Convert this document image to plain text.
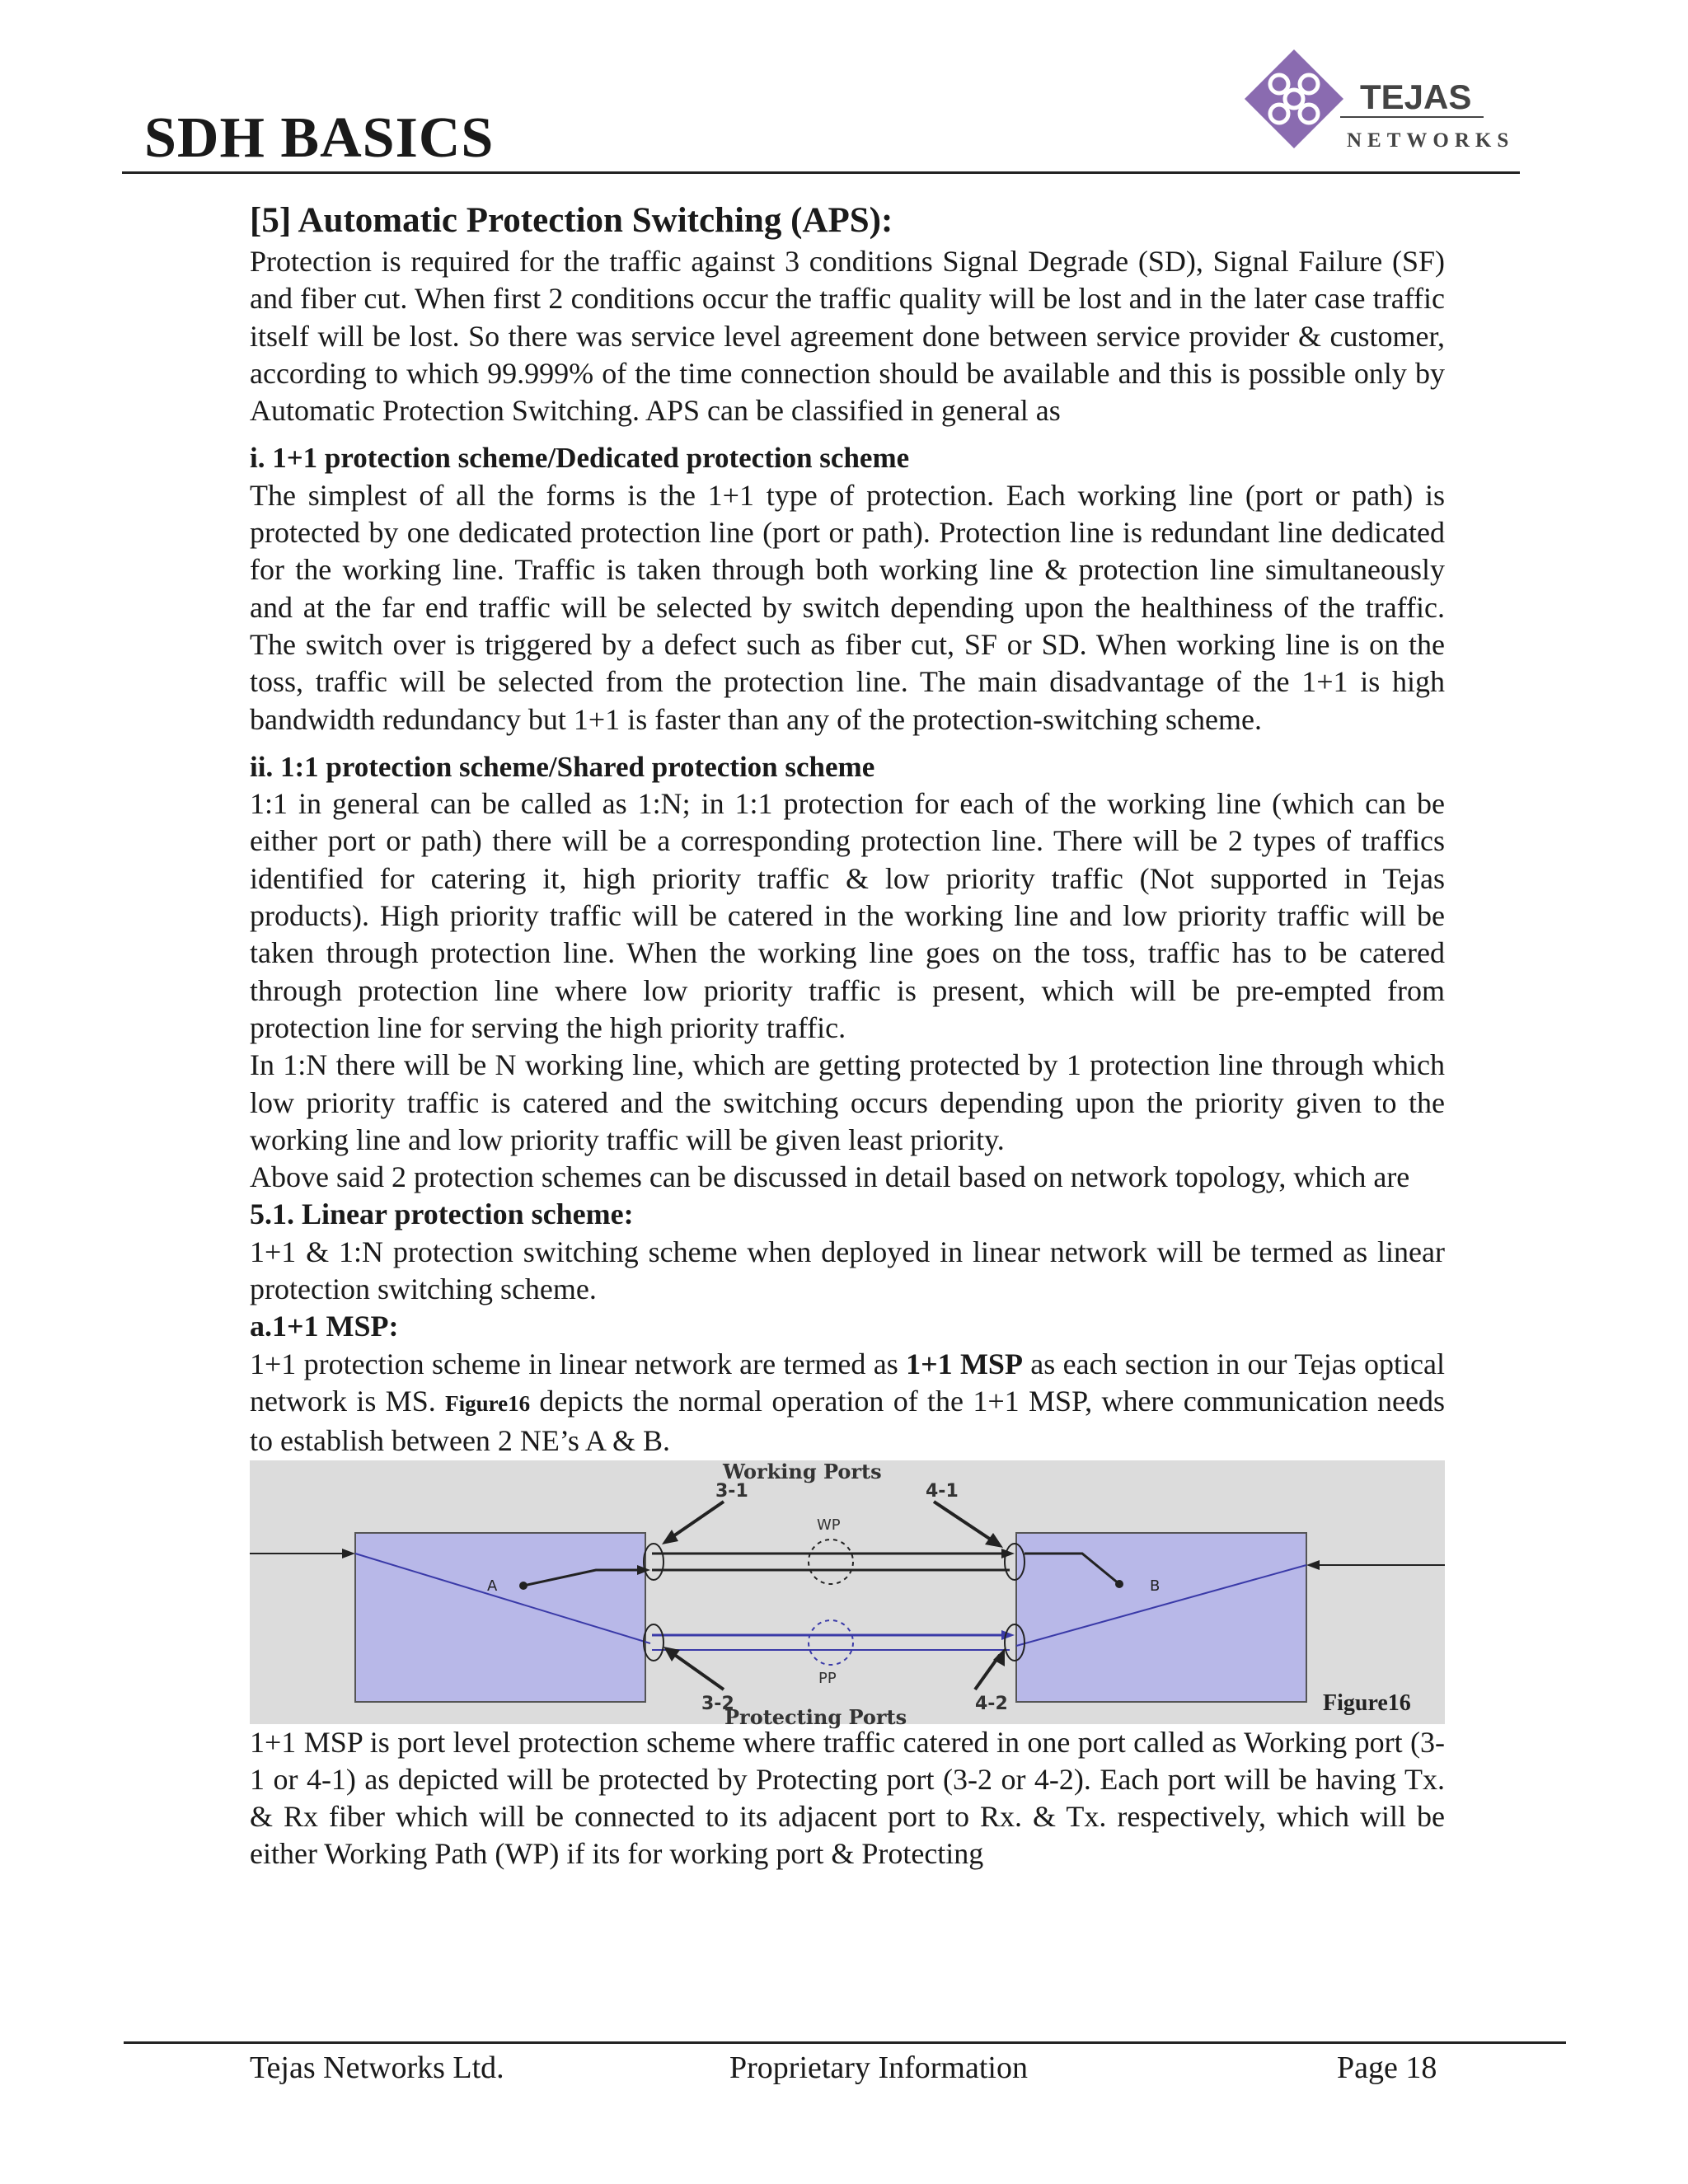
SDH BASICS
TEJAS
NETWORKS

[5] Automatic Protection Switching (APS):

Protection is required for the traffic against 3 conditions Signal Degrade (SD), Signal Failure (SF) and fiber cut. When first 2 conditions occur the traffic quality will be lost and in the later case traffic itself will be lost. So there was service level agreement done between service provider & customer, according to which 99.999% of the time connection should be available and this is possible only by Automatic Protection Switching. APS can be classified in general as

i. 1+1 protection scheme/Dedicated protection scheme

The simplest of all the forms is the 1+1 type of protection. Each working line (port or path) is protected by one dedicated protection line (port or path). Protection line is redundant line dedicated for the working line. Traffic is taken through both working line & protection line simultaneously and at the far end traffic will be selected by switch depending upon the healthiness of the traffic. The switch over is triggered by a defect such as fiber cut, SF or SD. When working line is on the toss, traffic will be selected from the protection line. The main disadvantage of the 1+1 is high bandwidth redundancy but 1+1 is faster than any of the protection-switching scheme.

ii. 1:1 protection scheme/Shared protection scheme

1:1 in general can be called as 1:N; in 1:1 protection for each of the working line (which can be either port or path) there will be a corresponding protection line. There will be 2 types of traffics identified for catering it, high priority traffic & low priority traffic (Not supported in Tejas products). High priority traffic will be catered in the working line and low priority traffic will be taken through protection line. When the working line goes on the toss, traffic has to be catered through protection line where low priority traffic is present, which will be pre-empted from protection line for serving the high priority traffic.

In 1:N there will be N working line, which are getting protected by 1 protection line through which low priority traffic is catered and the switching occurs depending upon the priority given to the working line and low priority traffic will be given least priority.

Above said 2 protection schemes can be discussed in detail based on network topology, which are

5.1. Linear protection scheme:

1+1 & 1:N protection switching scheme when deployed in linear network will be termed as linear protection switching scheme.

a.1+1 MSP:

1+1 protection scheme in linear network are termed as 1+1 MSP as each section in our Tejas optical network is MS. Figure16 depicts the normal operation of the 1+1 MSP, where communication needs to establish between 2 NE’s A & B.

Working Ports
3-1	4-1
WP
PP
A	B
3-2	4-2
Protecting Ports
Figure16

1+1 MSP is port level protection scheme where traffic catered in one port called as Working port (3-1 or 4-1) as depicted will be protected by Protecting port (3-2 or 4-2). Each port will be having Tx. & Rx fiber which will be connected to its adjacent port to Rx. & Tx. respectively, which will be either Working Path (WP) if its for working port & Protecting

Tejas Networks Ltd.	Proprietary Information	Page 18
